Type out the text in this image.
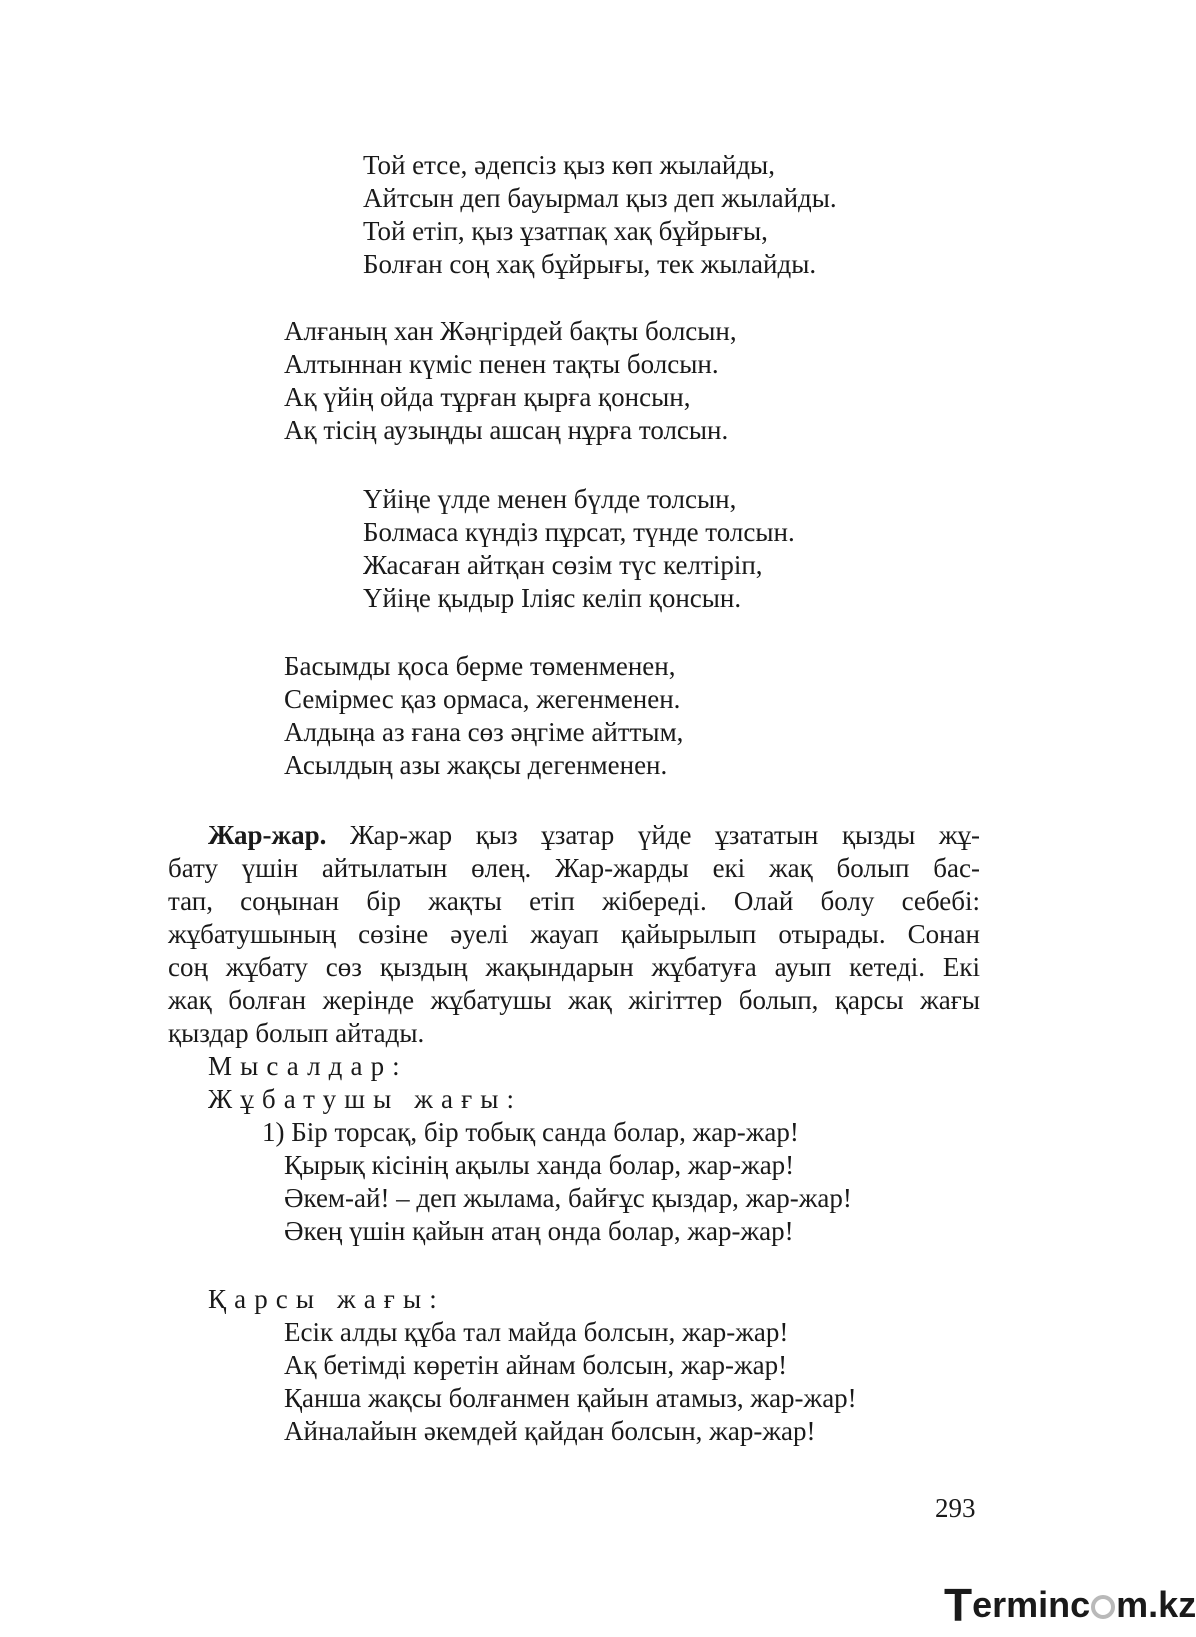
Той етсе, әдепсіз қыз көп жылайды,
Айтсын деп бауырмал қыз деп жылайды.
Той етіп, қыз ұзатпақ хақ бұйрығы,
Болған соң хақ бұйрығы, тек жылайды.
Алғаның хан Жәңгірдей бақты болсын,
Алтыннан күміс пенен тақты болсын.
Ақ үйің ойда тұрған қырға қонсын,
Ақ тісің аузыңды ашсаң нұрға толсын.
Үйіңе үлде менен бүлде толсын,
Болмаса күндіз пұрсат, түнде толсын.
Жасаған айтқан сөзім түс келтіріп,
Үйіңе қыдыр Іліяс келіп қонсын.
Басымды қоса берме төменменен,
Семірмес қаз ормаса, жегенменен.
Алдыңа аз ғана сөз әңгіме айттым,
Асылдың азы жақсы дегенменен.
Жар-жар. Жар-жар қыз ұзатар үйде ұзататын қызды жұ-
бату үшін айтылатын өлең. Жар-жарды екі жақ болып бас-
тап, соңынан бір жақты етіп жібереді. Олай болу себебі:
жұбатушының сөзіне әуелі жауап қайырылып отырады. Сонан
соң жұбату сөз қыздың жақындарын жұбатуға ауып кетеді. Екі
жақ болған жерінде жұбатушы жақ жігіттер болып, қарсы жағы
қыздар болып айтады.
Мысалдар:
Жұбатушы жағы:
1) Бір торсақ, бір тобық санда болар, жар-жар!
Қырық кісінің ақылы ханда болар, жар-жар!
Әкем-ай! – деп жылама, байғұс қыздар, жар-жар!
Әкең үшін қайын атаң онда болар, жар-жар!
Қарсы жағы:
Есік алды құба тал майда болсын, жар-жар!
Ақ бетімді көретін айнам болсын, жар-жар!
Қанша жақсы болғанмен қайын атамыз, жар-жар!
Айналайын әкемдей қайдан болсын, жар-жар!
293
Terminc m.kz
